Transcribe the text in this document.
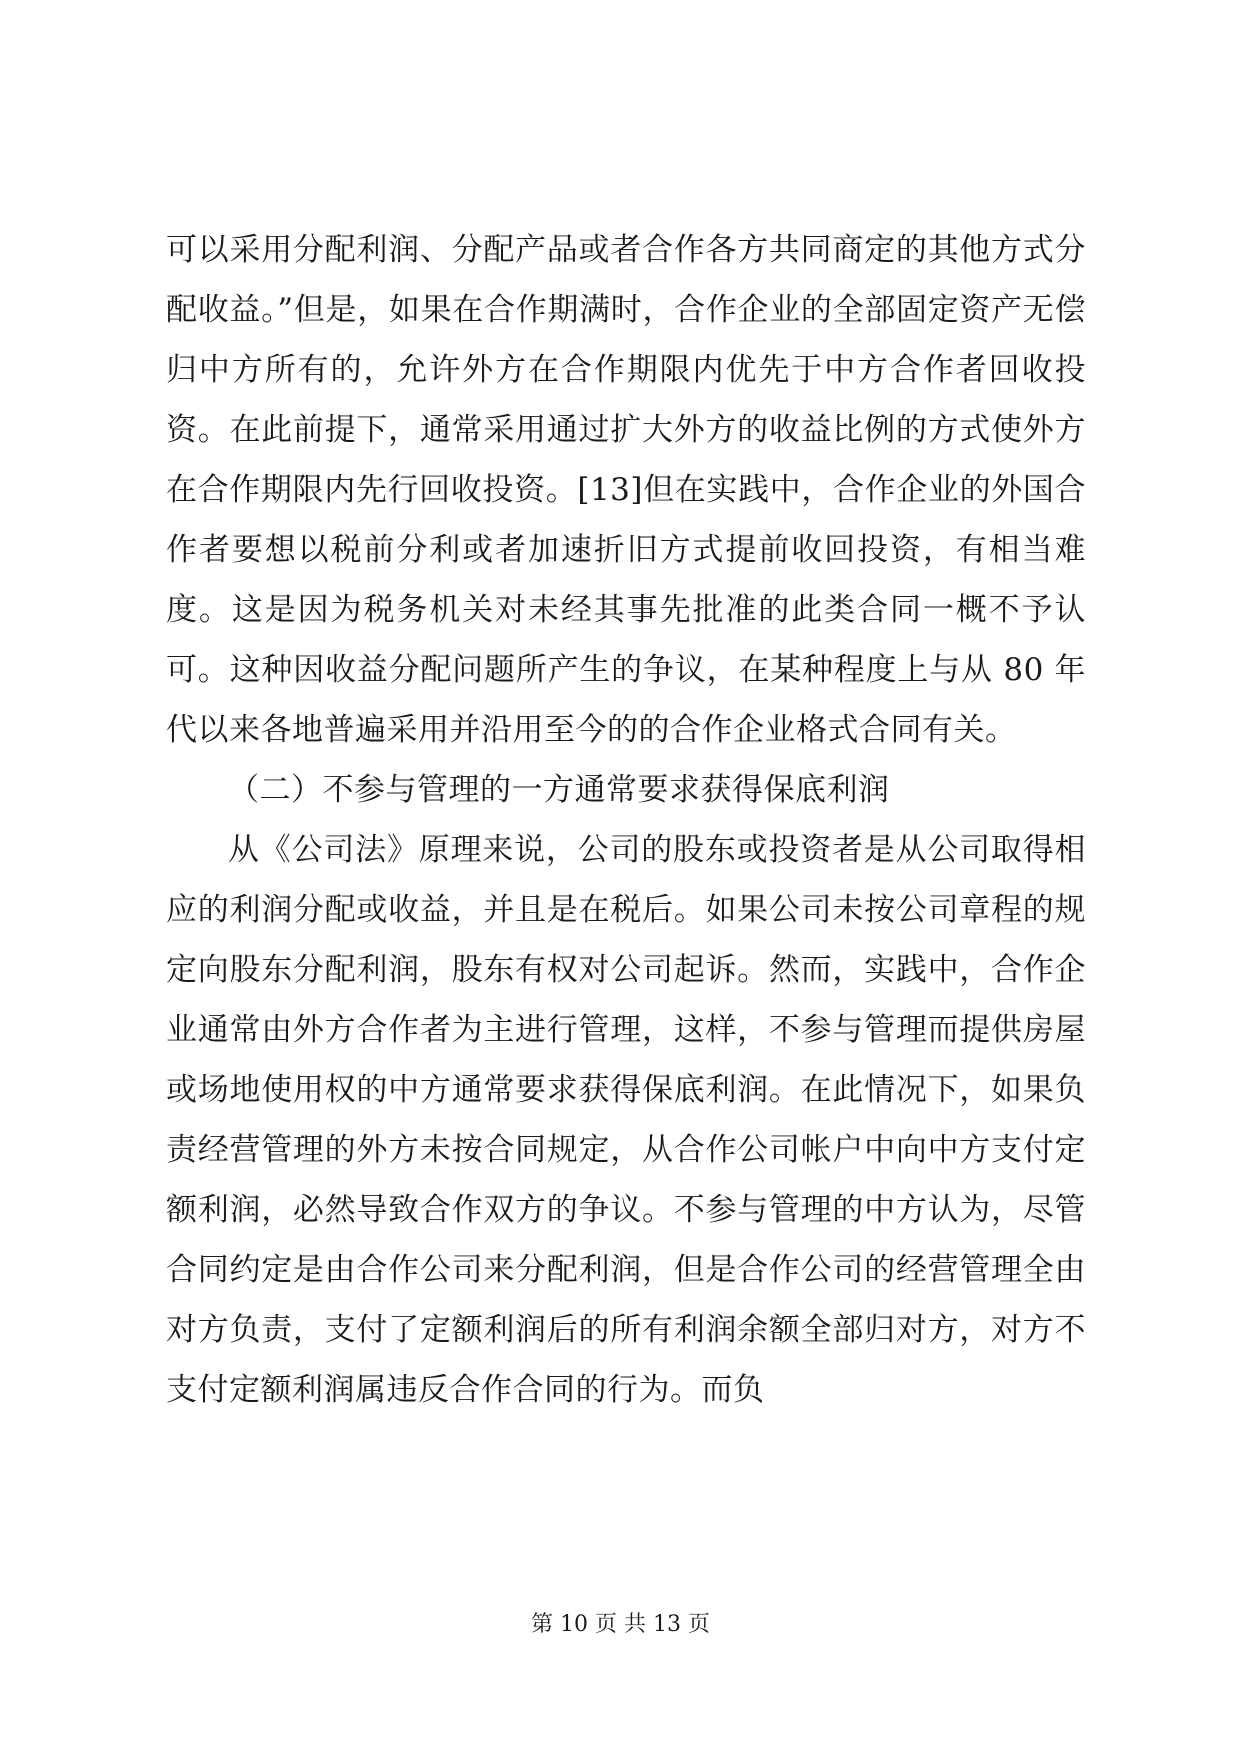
可以采用分配利润、分配产品或者合作各方共同商定的其他方式分配收益。”但是，如果在合作期满时，合作企业的全部固定资产无偿归中方所有的，允许外方在合作期限内优先于中方合作者回收投资。在此前提下，通常采用通过扩大外方的收益比例的方式使外方在合作期限内先行回收投资。[13]但在实践中，合作企业的外国合作者要想以税前分利或者加速折旧方式提前收回投资，有相当难度。这是因为税务机关对未经其事先批准的此类合同一概不予认可。这种因收益分配问题所产生的争议，在某种程度上与从 80 年代以来各地普遍采用并沿用至今的的合作企业格式合同有关。

（二）不参与管理的一方通常要求获得保底利润

从《公司法》原理来说，公司的股东或投资者是从公司取得相应的利润分配或收益，并且是在税后。如果公司未按公司章程的规定向股东分配利润，股东有权对公司起诉。然而，实践中，合作企业通常由外方合作者为主进行管理，这样，不参与管理而提供房屋或场地使用权的中方通常要求获得保底利润。在此情况下，如果负责经营管理的外方未按合同规定，从合作公司帐户中向中方支付定额利润，必然导致合作双方的争议。不参与管理的中方认为，尽管合同约定是由合作公司来分配利润，但是合作公司的经营管理全由对方负责，支付了定额利润后的所有利润余额全部归对方，对方不支付定额利润属违反合作合同的行为。而负

第 10 页 共 13 页
